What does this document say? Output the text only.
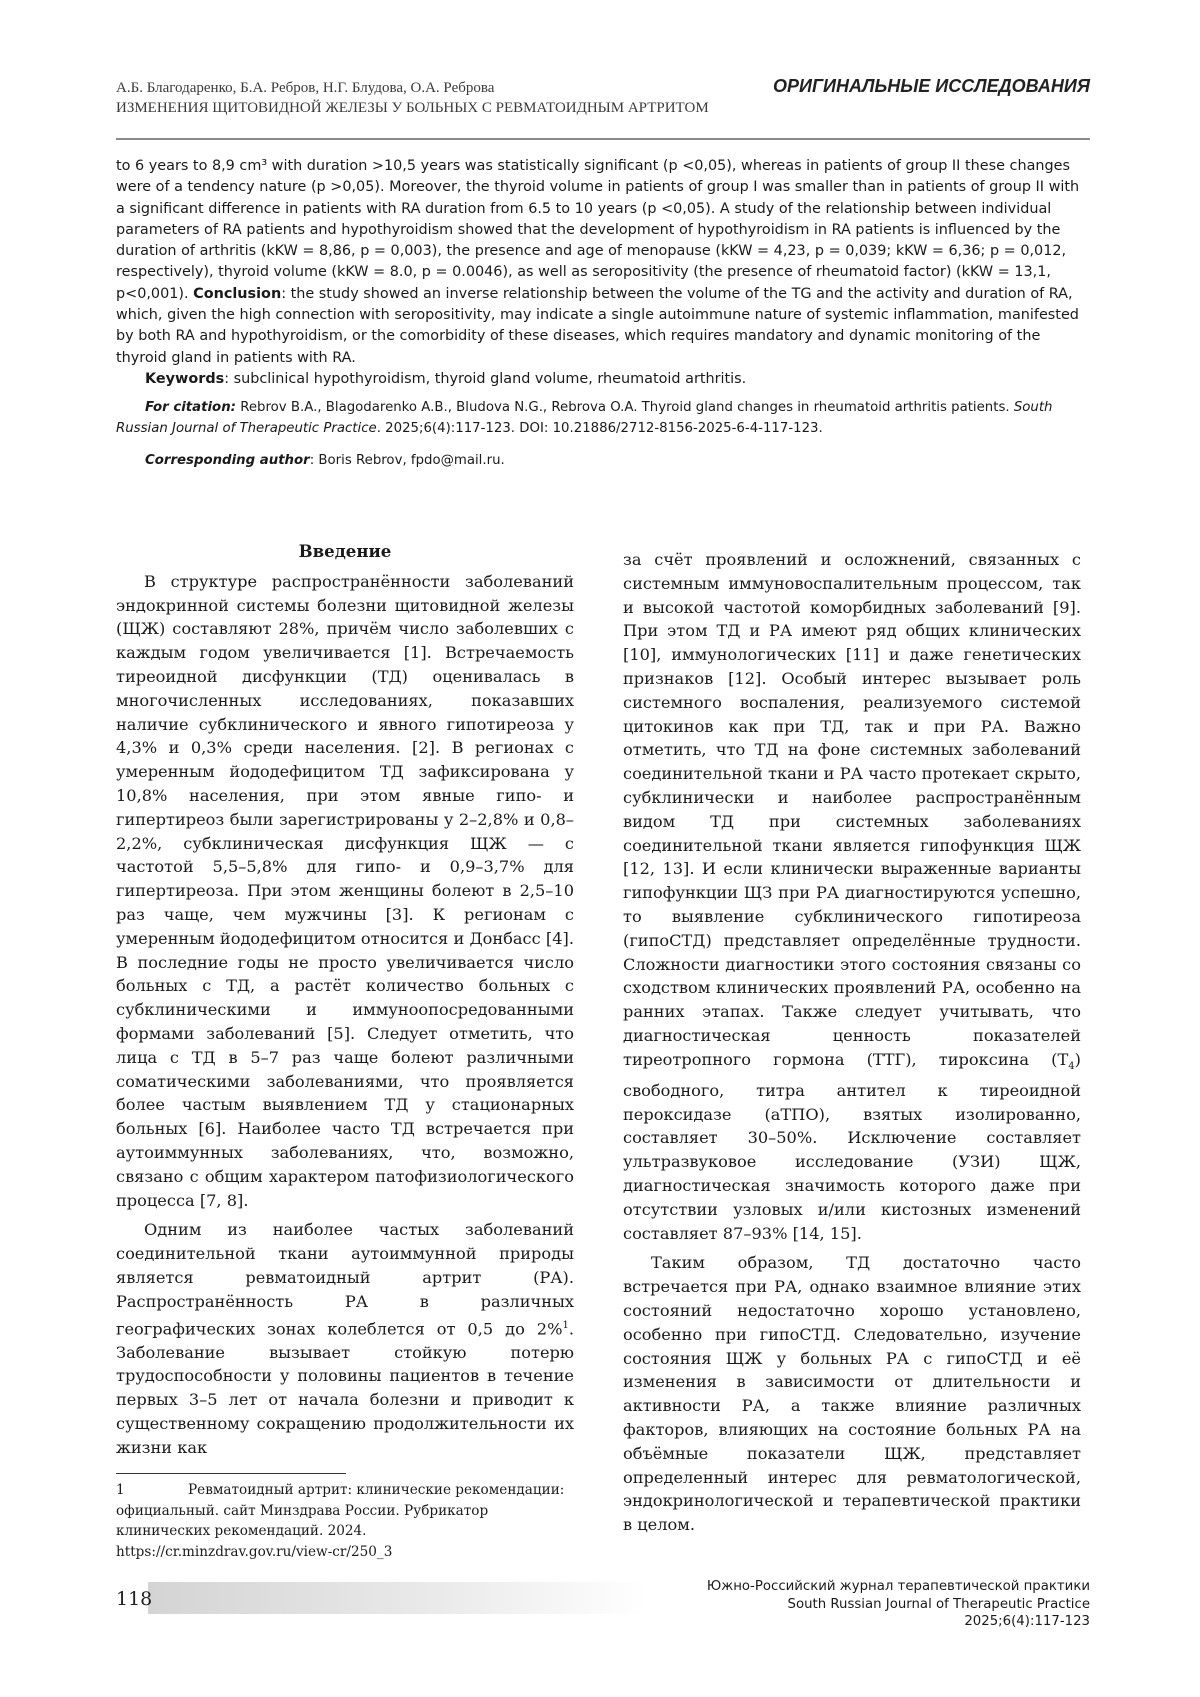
А.Б. Благодаренко, Б.А. Ребров, Н.Г. Блудова, О.А. Реброва
ИЗМЕНЕНИЯ ЩИТОВИДНОЙ ЖЕЛЕЗЫ У БОЛЬНЫХ С РЕВМАТОИДНЫМ АРТРИТОМ
ОРИГИНАЛЬНЫЕ ИССЛЕДОВАНИЯ

to 6 years to 8,9 cm³ with duration >10,5 years was statistically significant (p <0,05), whereas in patients of group II these changes were of a tendency nature (p >0,05). Moreover, the thyroid volume in patients of group I was smaller than in patients of group II with a significant difference in patients with RA duration from 6.5 to 10 years (p <0,05). A study of the relationship between individual parameters of RA patients and hypothyroidism showed that the development of hypothyroidism in RA patients is influenced by the duration of arthritis (kKW = 8,86, p = 0,003), the presence and age of menopause (kKW = 4,23, p = 0,039; kKW = 6,36; p = 0,012, respectively), thyroid volume (kKW = 8.0, p = 0.0046), as well as seropositivity (the presence of rheumatoid factor) (kKW = 13,1, p<0,001). Conclusion: the study showed an inverse relationship between the volume of the TG and the activity and duration of RA, which, given the high connection with seropositivity, may indicate a single autoimmune nature of systemic inflammation, manifested by both RA and hypothyroidism, or the comorbidity of these diseases, which requires mandatory and dynamic monitoring of the thyroid gland in patients with RA.

Keywords: subclinical hypothyroidism, thyroid gland volume, rheumatoid arthritis.

For citation: Rebrov B.A., Blagodarenko A.B., Bludova N.G., Rebrova O.A. Thyroid gland changes in rheumatoid arthritis patients. South Russian Journal of Therapeutic Practice. 2025;6(4):117-123. DOI: 10.21886/2712-8156-2025-6-4-117-123.

Corresponding author: Boris Rebrov, fpdo@mail.ru.

Введение

В структуре распространённости заболеваний эндокринной системы болезни щитовидной железы (ЩЖ) составляют 28%, причём число заболевших с каждым годом увеличивается [1]. Встречаемость тиреоидной дисфункции (ТД) оценивалась в многочисленных исследованиях, показавших наличие субклинического и явного гипотиреоза у 4,3% и 0,3% среди населения. [2]. В регионах с умеренным йододефицитом ТД зафиксирована у 10,8% населения, при этом явные гипо- и гипертиреоз были зарегистрированы у 2–2,8% и 0,8–2,2%, субклиническая дисфункция ЩЖ — с частотой 5,5–5,8% для гипо- и 0,9–3,7% для гипертиреоза. При этом женщины болеют в 2,5–10 раз чаще, чем мужчины [3]. К регионам с умеренным йододефицитом относится и Донбасс [4]. В последние годы не просто увеличивается число больных с ТД, а растёт количество больных с субклиническими и иммуноопосредованными формами заболеваний [5]. Следует отметить, что лица с ТД в 5–7 раз чаще болеют различными соматическими заболеваниями, что проявляется более частым выявлением ТД у стационарных больных [6]. Наиболее часто ТД встречается при аутоиммунных заболеваниях, что, возможно, связано с общим характером патофизиологического процесса [7, 8].

Одним из наиболее частых заболеваний соединительной ткани аутоиммунной природы является ревматоидный артрит (РА). Распространённость РА в различных географических зонах колеблется от 0,5 до 2%$^1$. Заболевание вызывает стойкую потерю трудоспособности у половины пациентов в течение первых 3–5 лет от начала болезни и приводит к существенному сокращению продолжительности их жизни как

1	Ревматоидный артрит: клинические рекомендации: официальный. сайт Минздрава России. Рубрикатор клинических рекомендаций. 2024. https://cr.minzdrav.gov.ru/view-cr/250_3

за счёт проявлений и осложнений, связанных с системным иммуновоспалительным процессом, так и высокой частотой коморбидных заболеваний [9]. При этом ТД и РА имеют ряд общих клинических [10], иммунологических [11] и даже генетических признаков [12]. Особый интерес вызывает роль системного воспаления, реализуемого системой цитокинов как при ТД, так и при РА. Важно отметить, что ТД на фоне системных заболеваний соединительной ткани и РА часто протекает скрыто, субклинически и наиболее распространённым видом ТД при системных заболеваниях соединительной ткани является гипофункция ЩЖ [12, 13]. И если клинически выраженные варианты гипофункции ЩЗ при РА диагностируются успешно, то выявление субклинического гипотиреоза (гипоСТД) представляет определённые трудности. Сложности диагностики этого состояния связаны со сходством клинических проявлений РА, особенно на ранних этапах. Также следует учитывать, что диагностическая ценность показателей тиреотропного гормона (ТТГ), тироксина $(Т_4)$ свободного, титра антител к тиреоидной пероксидазе (аТПО), взятых изолированно, составляет 30–50%. Исключение составляет ультразвуковое исследование (УЗИ) ЩЖ, диагностическая значимость которого даже при отсутствии узловых и/или кистозных изменений составляет 87–93% [14, 15].

Таким образом, ТД достаточно часто встречается при РА, однако взаимное влияние этих состояний недостаточно хорошо установлено, особенно при гипоСТД. Следовательно, изучение состояния ЩЖ у больных РА с гипоСТД и её изменения в зависимости от длительности и активности РА, а также влияние различных факторов, влияющих на состояние больных РА на объёмные показатели ЩЖ, представляет определенный интерес для ревматологической, эндокринологической и терапевтической практики в целом.

118
Южно-Российский журнал терапевтической практики
South Russian Journal of Therapeutic Practice
2025;6(4):117-123
